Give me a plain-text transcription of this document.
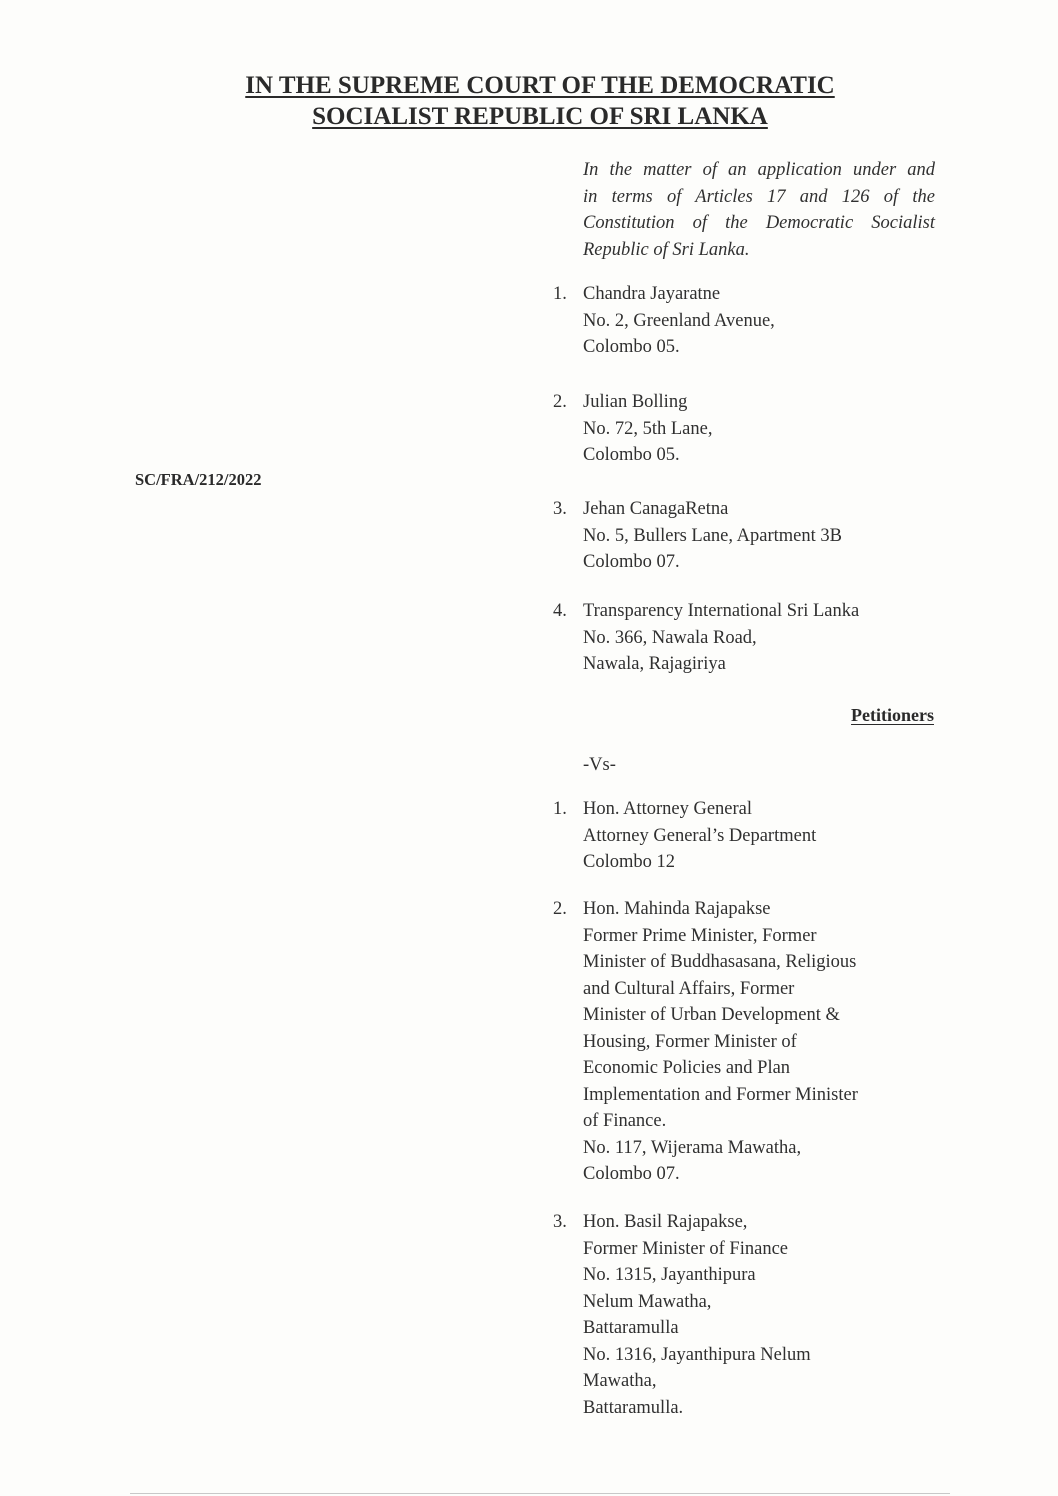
IN THE SUPREME COURT OF THE DEMOCRATIC
SOCIALIST REPUBLIC OF SRI LANKA
In the matter of an application under and
in terms of Articles 17 and 126 of the
Constitution of the Democratic Socialist
Republic of Sri Lanka.
SC/FRA/212/2022
1. Chandra Jayaratne
No. 2, Greenland Avenue,
Colombo 05.
2. Julian Bolling
No. 72, 5th Lane,
Colombo 05.
3. Jehan CanagaRetna
No. 5, Bullers Lane, Apartment 3B
Colombo 07.
4. Transparency International Sri Lanka
No. 366, Nawala Road,
Nawala, Rajagiriya
Petitioners
-Vs-
1. Hon. Attorney General
Attorney General’s Department
Colombo 12
2. Hon. Mahinda Rajapakse
Former Prime Minister, Former
Minister of Buddhasasana, Religious
and Cultural Affairs, Former
Minister of Urban Development &
Housing, Former Minister of
Economic Policies and Plan
Implementation and Former Minister
of Finance.
No. 117, Wijerama Mawatha,
Colombo 07.
3. Hon. Basil Rajapakse,
Former Minister of Finance
No. 1315, Jayanthipura
Nelum Mawatha,
Battaramulla
No. 1316, Jayanthipura Nelum
Mawatha,
Battaramulla.
